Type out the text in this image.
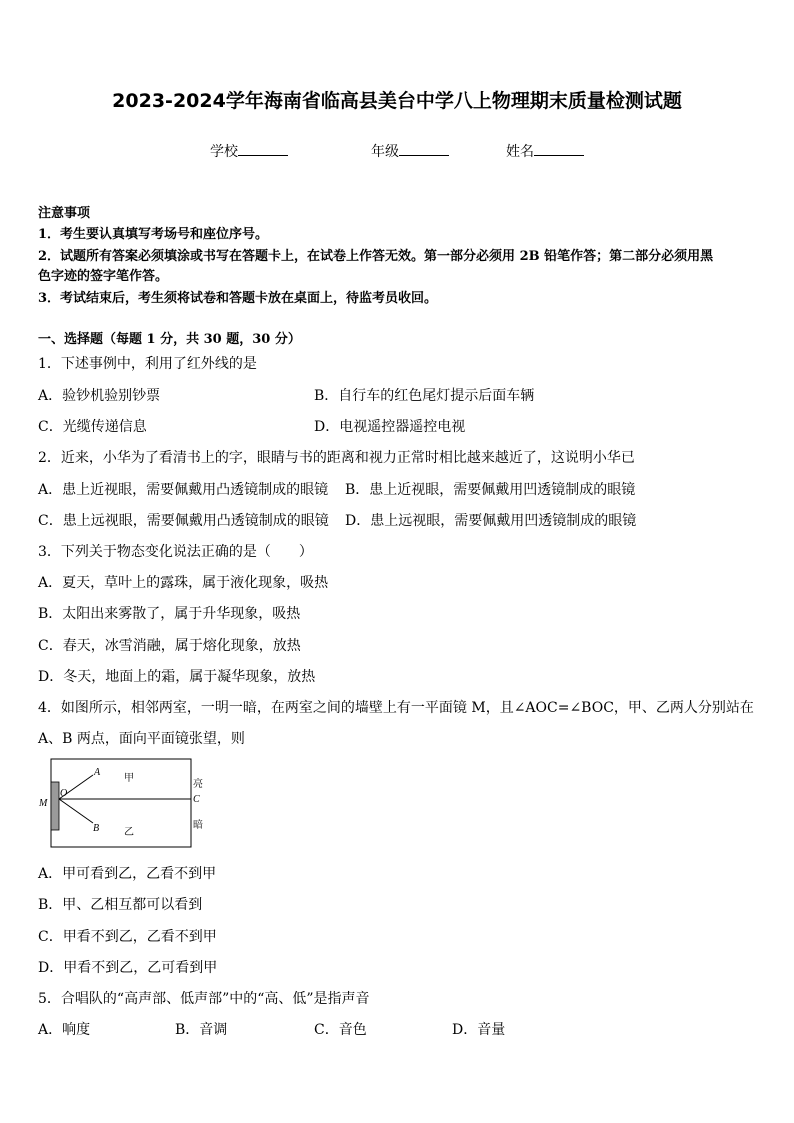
2023-2024学年海南省临高县美台中学八上物理期末质量检测试题
学校	年级	姓名
注意事项
1．考生要认真填写考场号和座位序号。
2．试题所有答案必须填涂或书写在答题卡上，在试卷上作答无效。第一部分必须用 2B 铅笔作答；第二部分必须用黑
色字迹的签字笔作答。
3．考试结束后，考生须将试卷和答题卡放在桌面上，待监考员收回。
一、选择题（每题 1 分，共 30 题，30 分）
1．下述事例中，利用了红外线的是
A．验钞机验别钞票	B．自行车的红色尾灯提示后面车辆
C．光缆传递信息	D．电视遥控器遥控电视
2．近来，小华为了看清书上的字，眼睛与书的距离和视力正常时相比越来越近了，这说明小华已
A．患上近视眼，需要佩戴用凸透镜制成的眼镜 B．患上近视眼，需要佩戴用凹透镜制成的眼镜
C．患上远视眼，需要佩戴用凸透镜制成的眼镜 D．患上远视眼，需要佩戴用凹透镜制成的眼镜
3．下列关于物态变化说法正确的是（　　）
A．夏天，草叶上的露珠，属于液化现象，吸热
B．太阳出来雾散了，属于升华现象，吸热
C．春天，冰雪消融，属于熔化现象，放热
D．冬天，地面上的霜，属于凝华现象，放热
4．如图所示，相邻两室，一明一暗，在两室之间的墙壁上有一平面镜 M，且∠AOC=∠BOC，甲、乙两人分别站在
A、B 两点，面向平面镜张望，则
M
O
A
B
C
甲
乙
亮
暗
A．甲可看到乙，乙看不到甲
B．甲、乙相互都可以看到
C．甲看不到乙，乙看不到甲
D．甲看不到乙，乙可看到甲
5．合唱队的“高声部、低声部”中的“高、低”是指声音
A．响度	B．音调	C．音色	D．音量
